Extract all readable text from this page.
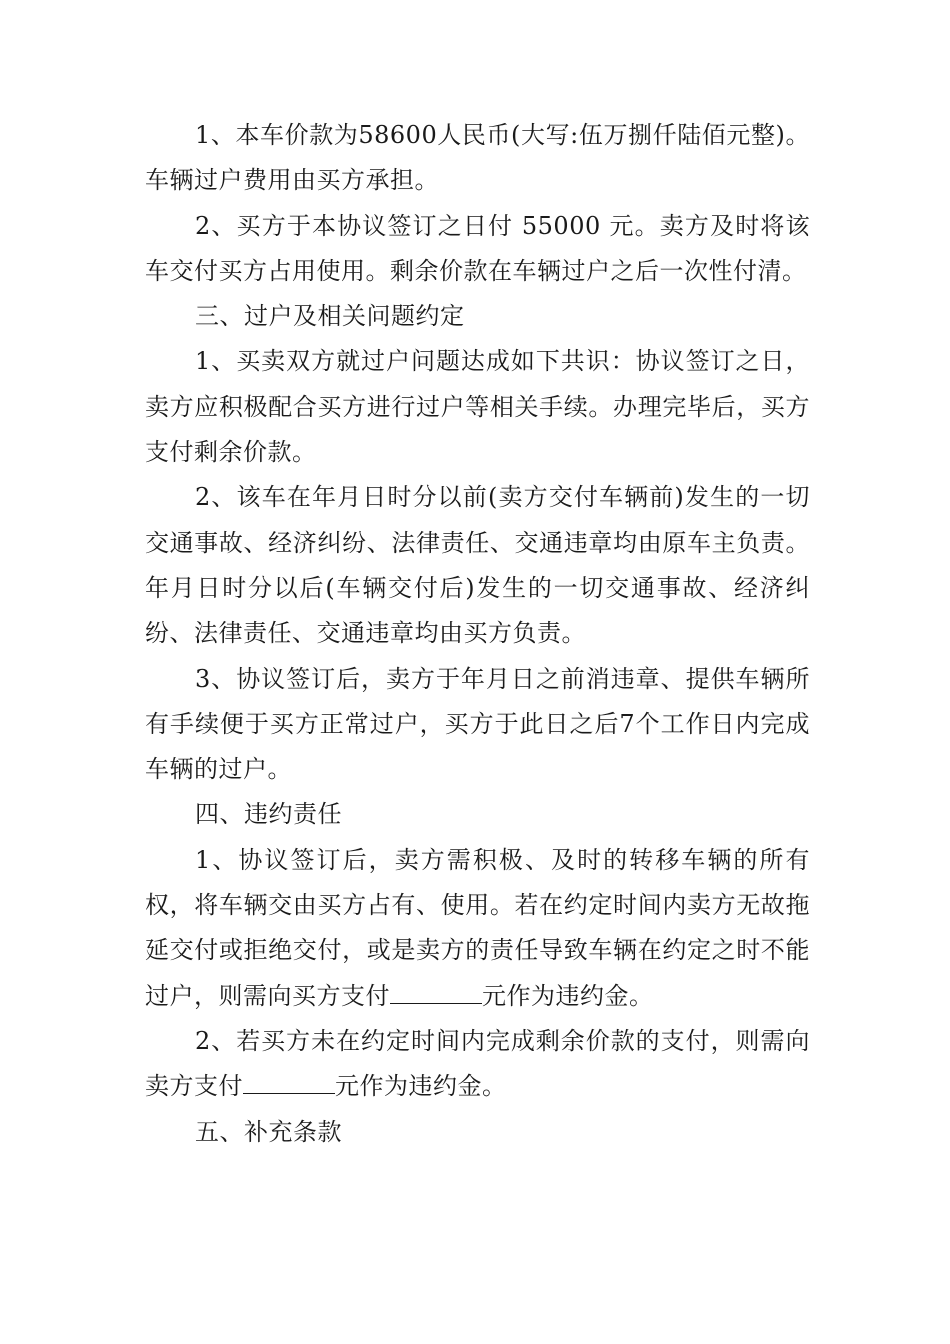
1、本车价款为58600人民币(大写:伍万捌仟陆佰元整)。车辆过户费用由买方承担。

2、买方于本协议签订之日付 55000 元。卖方及时将该车交付买方占用使用。剩余价款在车辆过户之后一次性付清。

三、过户及相关问题约定

1、买卖双方就过户问题达成如下共识：协议签订之日，卖方应积极配合买方进行过户等相关手续。办理完毕后，买方支付剩余价款。

2、该车在年月日时分以前(卖方交付车辆前)发生的一切交通事故、经济纠纷、法律责任、交通违章均由原车主负责。年月日时分以后(车辆交付后)发生的一切交通事故、经济纠纷、法律责任、交通违章均由买方负责。

3、协议签订后，卖方于年月日之前消违章、提供车辆所有手续便于买方正常过户，买方于此日之后7个工作日内完成车辆的过户。

四、违约责任

1、协议签订后，卖方需积极、及时的转移车辆的所有权，将车辆交由买方占有、使用。若在约定时间内卖方无故拖延交付或拒绝交付，或是卖方的责任导致车辆在约定之时不能过户，则需向买方支付	元作为违约金。

2、若买方未在约定时间内完成剩余价款的支付，则需向卖方支付	元作为违约金。

五、补充条款
